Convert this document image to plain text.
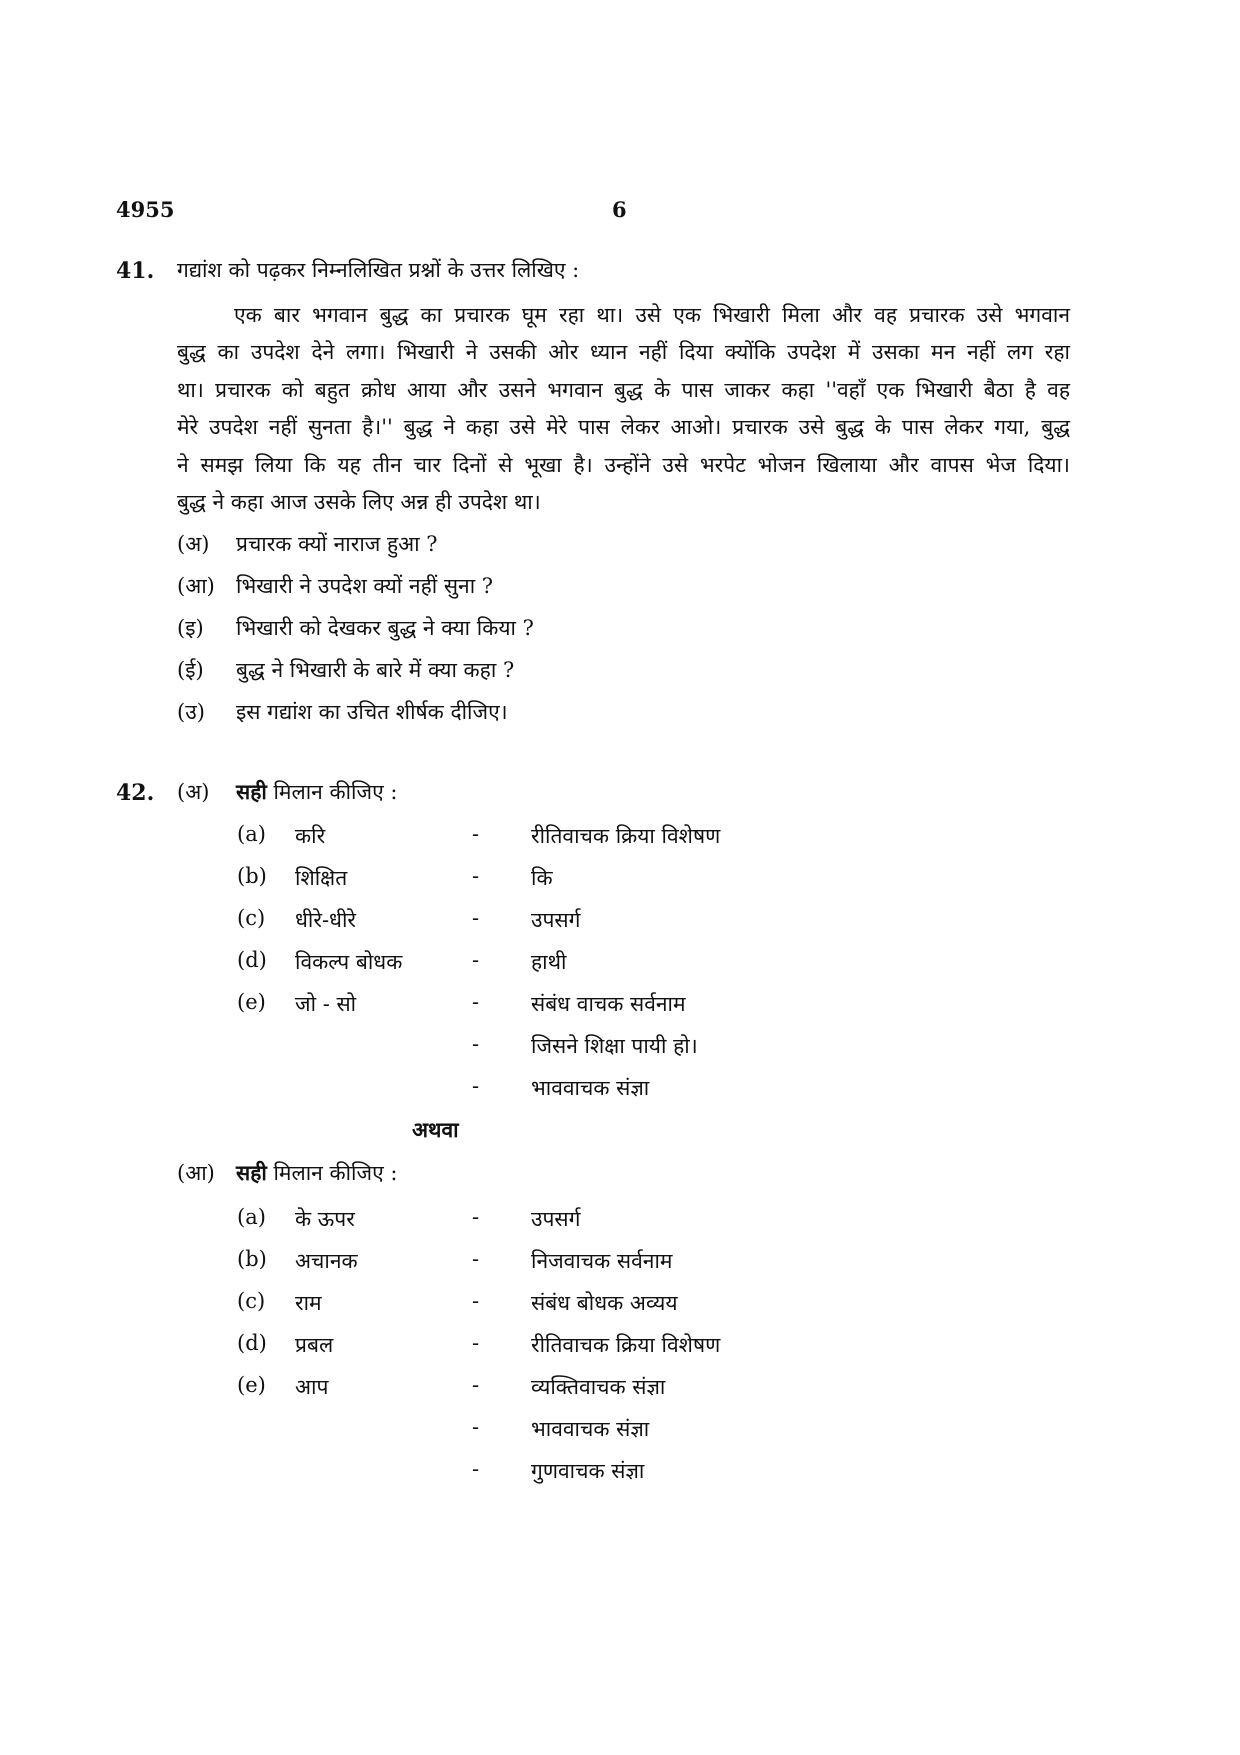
4955	6
41. गद्यांश को पढ़कर निम्नलिखित प्रश्नों के उत्तर लिखिए :
एक बार भगवान बुद्ध का प्रचारक घूम रहा था। उसे एक भिखारी मिला और वह प्रचारक उसे भगवान
बुद्ध का उपदेश देने लगा। भिखारी ने उसकी ओर ध्यान नहीं दिया क्योंकि उपदेश में उसका मन नहीं लग रहा
था। प्रचारक को बहुत क्रोध आया और उसने भगवान बुद्ध के पास जाकर कहा ''वहाँ एक भिखारी बैठा है वह
मेरे उपदेश नहीं सुनता है।'' बुद्ध ने कहा उसे मेरे पास लेकर आओ। प्रचारक उसे बुद्ध के पास लेकर गया, बुद्ध
ने समझ लिया कि यह तीन चार दिनों से भूखा है। उन्होंने उसे भरपेट भोजन खिलाया और वापस भेज दिया।
बुद्ध ने कहा आज उसके लिए अन्न ही उपदेश था।
(अ) प्रचारक क्यों नाराज हुआ ?
(आ) भिखारी ने उपदेश क्यों नहीं सुना ?
(इ) भिखारी को देखकर बुद्ध ने क्या किया ?
(ई) बुद्ध ने भिखारी के बारे में क्या कहा ?
(उ) इस गद्यांश का उचित शीर्षक दीजिए।
42. (अ) सही मिलान कीजिए :
(a) करि
(b) शिक्षित
(c) धीरे-धीरे
(d) विकल्प बोधक
(e) जो - सो
- रीतिवाचक क्रिया विशेषण
- कि
- उपसर्ग
- हाथी
- संबंध वाचक सर्वनाम
- जिसने शिक्षा पायी हो।
- भाववाचक संज्ञा
अथवा
(आ) सही मिलान कीजिए :
(a) के ऊपर
(b) अचानक
(c) राम
(d) प्रबल
(e) आप
- उपसर्ग
- निजवाचक सर्वनाम
- संबंध बोधक अव्यय
- रीतिवाचक क्रिया विशेषण
- व्यक्तिवाचक संज्ञा
- भाववाचक संज्ञा
- गुणवाचक संज्ञा
